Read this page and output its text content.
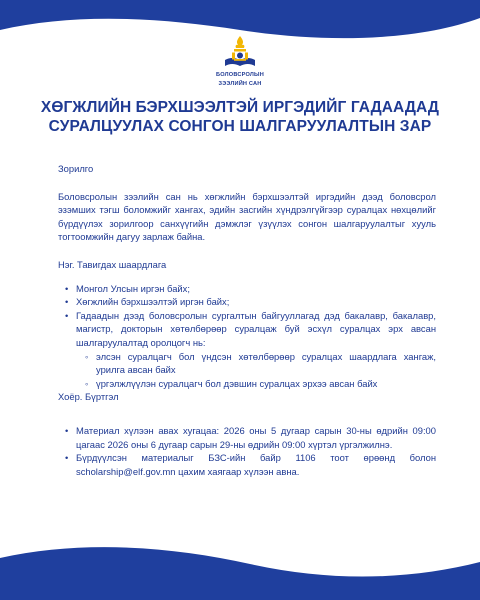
БОЛОВСРОЛЫН
ЗЭЭЛИЙН САН
ХӨГЖЛИЙН БЭРХШЭЭЛТЭЙ ИРГЭДИЙГ ГАДААДАД
СУРАЛЦУУЛАХ СОНГОН ШАЛГАРУУЛАЛТЫН ЗАР
Зорилго
Боловсролын зээлийн сан нь хөгжлийн бэрхшээлтэй иргэдийн дээд боловсрол эзэмших тэгш боломжийг хангах, эдийн засгийн хүндрэлгүйгээр суралцах нөхцөлийг бүрдүүлэх зорилгоор санхүүгийн дэмжлэг үзүүлэх сонгон шалгаруулалтыг хууль тогтоомжийн дагуу зарлаж байна.
Нэг. Тавигдах шаардлага
• Монгол Улсын иргэн байх;
• Хөгжлийн бэрхшээлтэй иргэн байх;
• Гадаадын дээд боловсролын сургалтын байгууллагад дэд бакалавр, бакалавр, магистр, докторын хөтөлбөрөөр суралцаж буй эсхүл суралцах эрх авсан шалгаруулалтад оролцогч нь:
◦ элсэн суралцагч бол үндсэн хөтөлбөрөөр суралцах шаардлага хангаж, урилга авсан байх
◦ үргэлжлүүлэн суралцагч бол дэвшин суралцах эрхээ авсан байх
Хоёр. Бүртгэл
• Материал хүлээн авах хугацаа: 2026 оны 5 дугаар сарын 30-ны өдрийн 09:00 цагаас 2026 оны 6 дугаар сарын 29-ны өдрийн 09:00 хүртэл үргэлжилнэ.
• Бүрдүүлсэн материалыг БЗС-ийн байр 1106 тоот өрөөнд болон scholarship@elf.gov.mn цахим хаягаар хүлээн авна.
